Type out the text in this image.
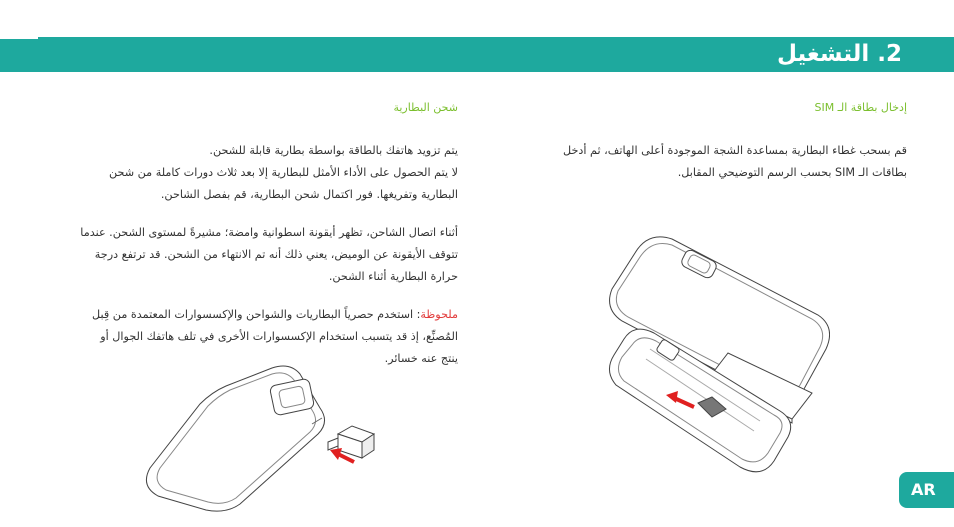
2. التشغيل
إدخال بطاقة الـ SIM
قم بسحب غطاء البطارية بمساعدة الشجة الموجودة أعلى الهاتف، ثم أدخل
بطاقات الـ SIM بحسب الرسم التوضيحي المقابل.
شحن البطارية
يتم تزويد هاتفك بالطاقة بواسطة بطارية قابلة للشحن.
لا يتم الحصول على الأداء الأمثل للبطارية إلا بعد ثلاث دورات كاملة من شحن
البطارية وتفريغها. فور اكتمال شحن البطارية، قم بفصل الشاحن.
أثناء اتصال الشاحن، تظهر أيقونة اسطوانية وامضة؛ مشيرةً لمستوى الشحن. عندما
تتوقف الأيقونة عن الوميض، يعني ذلك أنه تم الانتهاء من الشحن. قد ترتفع درجة
حرارة البطارية أثناء الشحن.
ملحوظة: استخدم حصرياً البطاريات والشواحن والإكسسوارات المعتمدة من قِبل
المُصنِّع، إذ قد يتسبب استخدام الإكسسوارات الأخرى في تلف هاتفك الجوال أو
ينتج عنه خسائر.
AR
